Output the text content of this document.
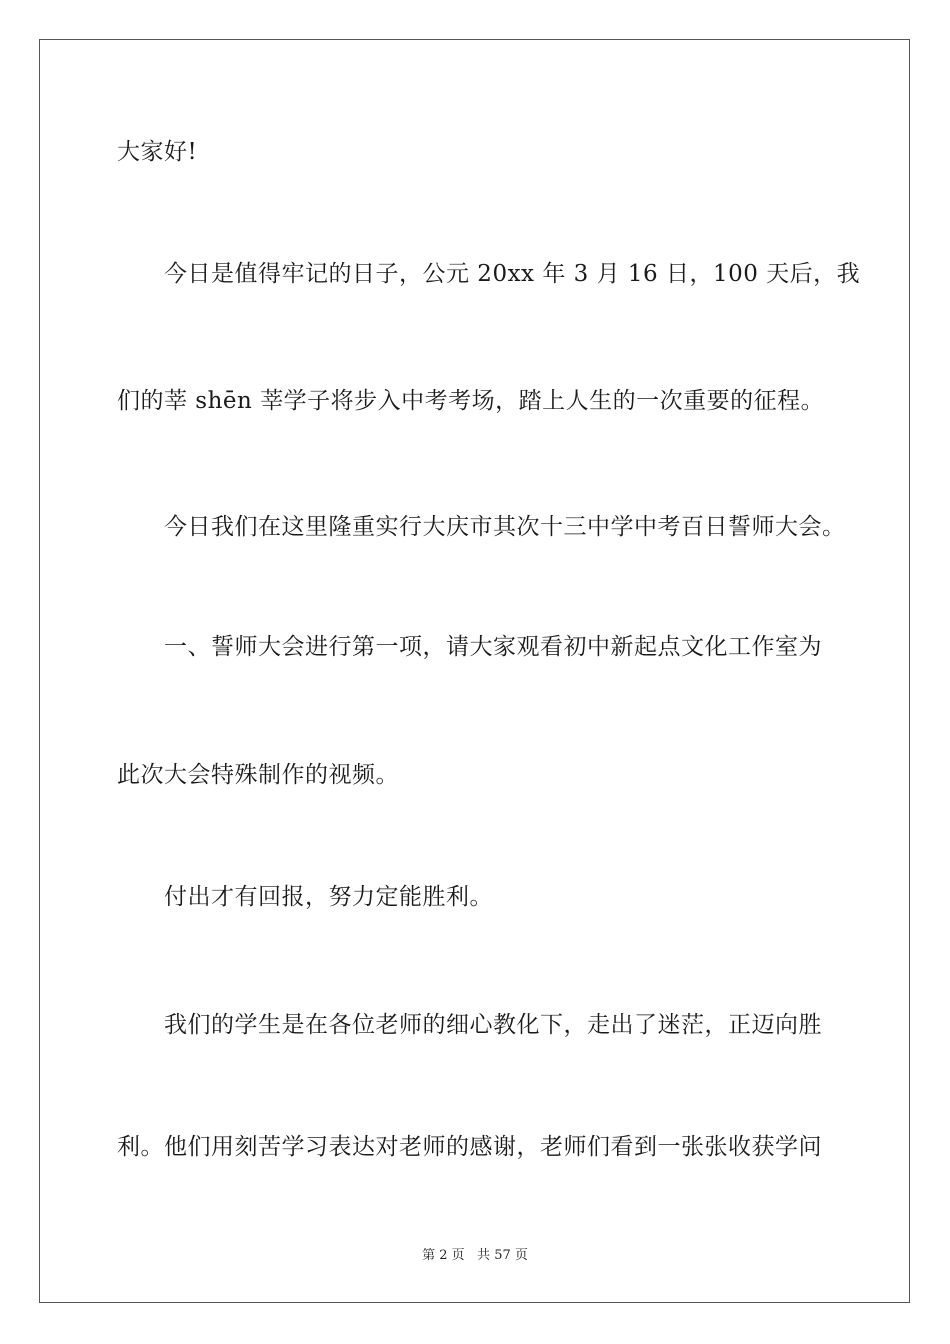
大家好!
今日是值得牢记的日子，公元 20xx 年 3 月 16 日，100 天后，我
们的莘 shēn 莘学子将步入中考考场，踏上人生的一次重要的征程。
今日我们在这里隆重实行大庆市其次十三中学中考百日誓师大会。
一、誓师大会进行第一项，请大家观看初中新起点文化工作室为
此次大会特殊制作的视频。
付出才有回报，努力定能胜利。
我们的学生是在各位老师的细心教化下，走出了迷茫，正迈向胜
利。他们用刻苦学习表达对老师的感谢，老师们看到一张张收获学问
第 2 页   共 57 页
